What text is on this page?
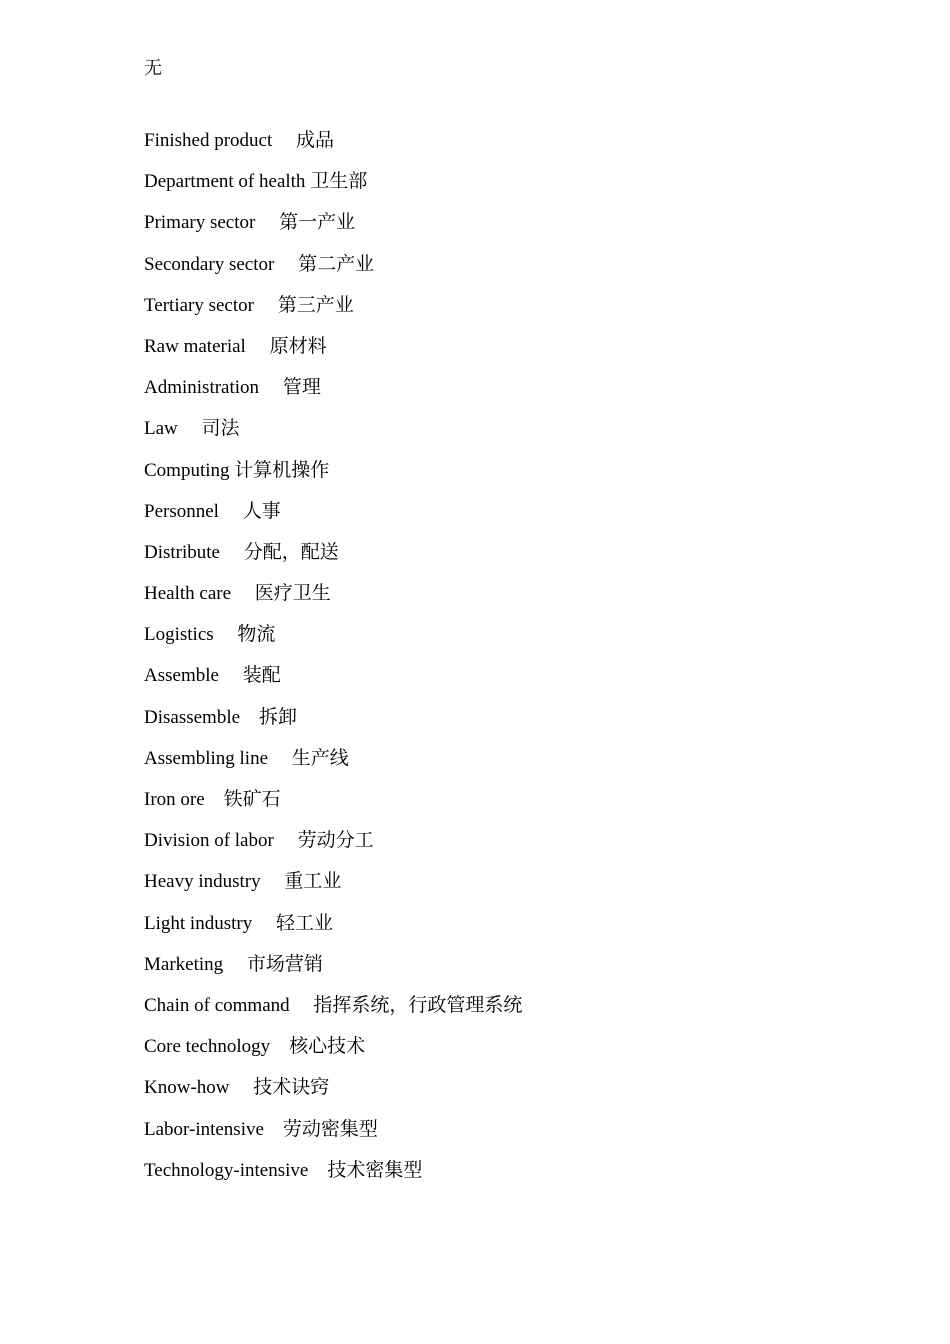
无
Finished product 成品
Department of health 卫生部
Primary sector 第一产业
Secondary sector 第二产业
Tertiary sector 第三产业
Raw material 原材料
Administration 管理
Law 司法
Computing 计算机操作
Personnel 人事
Distribute 分配，配送
Health care 医疗卫生
Logistics 物流
Assemble 装配
Disassemble 拆卸
Assembling line 生产线
Iron ore 铁矿石
Division of labor 劳动分工
Heavy industry 重工业
Light industry 轻工业
Marketing 市场营销
Chain of command 指挥系统，行政管理系统
Core technology 核心技术
Know-how 技术诀窍
Labor-intensive 劳动密集型
Technology-intensive 技术密集型
